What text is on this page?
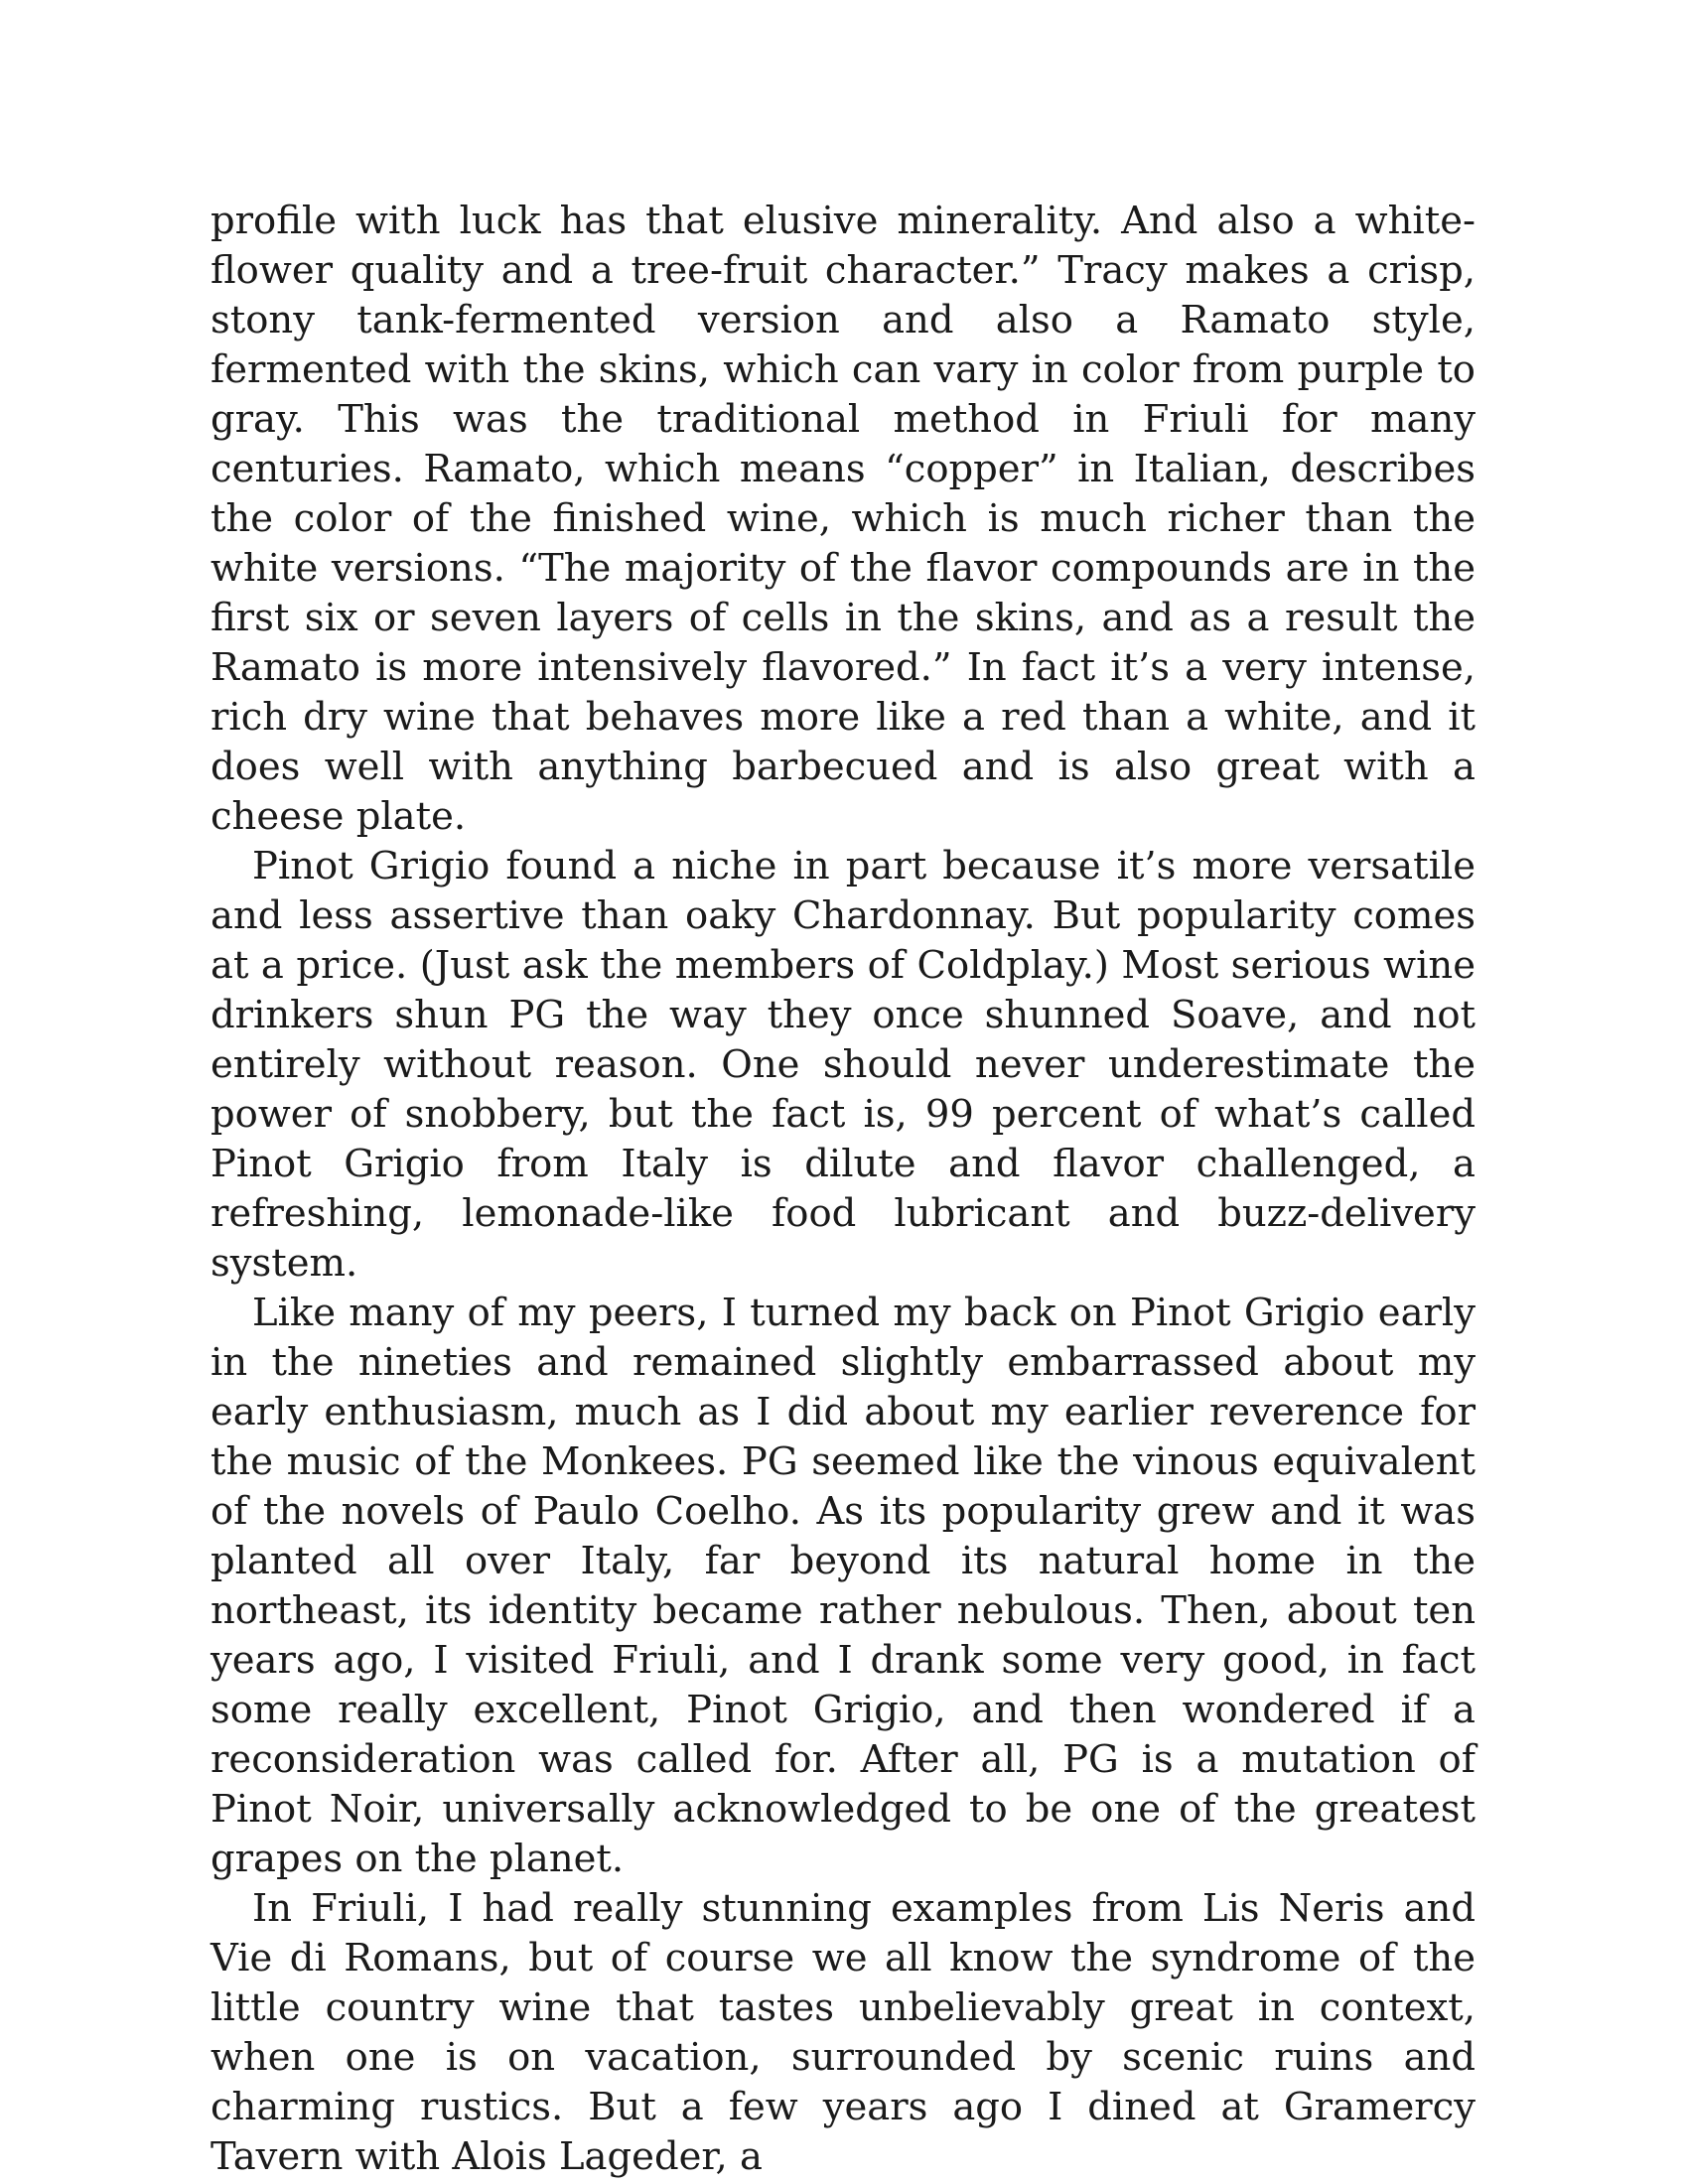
profile with luck has that elusive minerality. And also a white-flower quality and a tree-fruit character.” Tracy makes a crisp, stony tank-fermented version and also a Ramato style, fermented with the skins, which can vary in color from purple to gray. This was the traditional method in Friuli for many centuries. Ramato, which means “copper” in Italian, describes the color of the finished wine, which is much richer than the white versions. “The majority of the flavor compounds are in the first six or seven layers of cells in the skins, and as a result the Ramato is more intensively flavored.” In fact it’s a very intense, rich dry wine that behaves more like a red than a white, and it does well with anything barbecued and is also great with a cheese plate.

Pinot Grigio found a niche in part because it’s more versatile and less assertive than oaky Chardonnay. But popularity comes at a price. (Just ask the members of Coldplay.) Most serious wine drinkers shun PG the way they once shunned Soave, and not entirely without reason. One should never underestimate the power of snobbery, but the fact is, 99 percent of what’s called Pinot Grigio from Italy is dilute and flavor challenged, a refreshing, lemonade-like food lubricant and buzz-delivery system.

Like many of my peers, I turned my back on Pinot Grigio early in the nineties and remained slightly embarrassed about my early enthusiasm, much as I did about my earlier reverence for the music of the Monkees. PG seemed like the vinous equivalent of the novels of Paulo Coelho. As its popularity grew and it was planted all over Italy, far beyond its natural home in the northeast, its identity became rather nebulous. Then, about ten years ago, I visited Friuli, and I drank some very good, in fact some really excellent, Pinot Grigio, and then wondered if a reconsideration was called for. After all, PG is a mutation of Pinot Noir, universally acknowledged to be one of the greatest grapes on the planet.

In Friuli, I had really stunning examples from Lis Neris and Vie di Romans, but of course we all know the syndrome of the little country wine that tastes unbelievably great in context, when one is on vacation, surrounded by scenic ruins and charming rustics. But a few years ago I dined at Gramercy Tavern with Alois Lageder, a
